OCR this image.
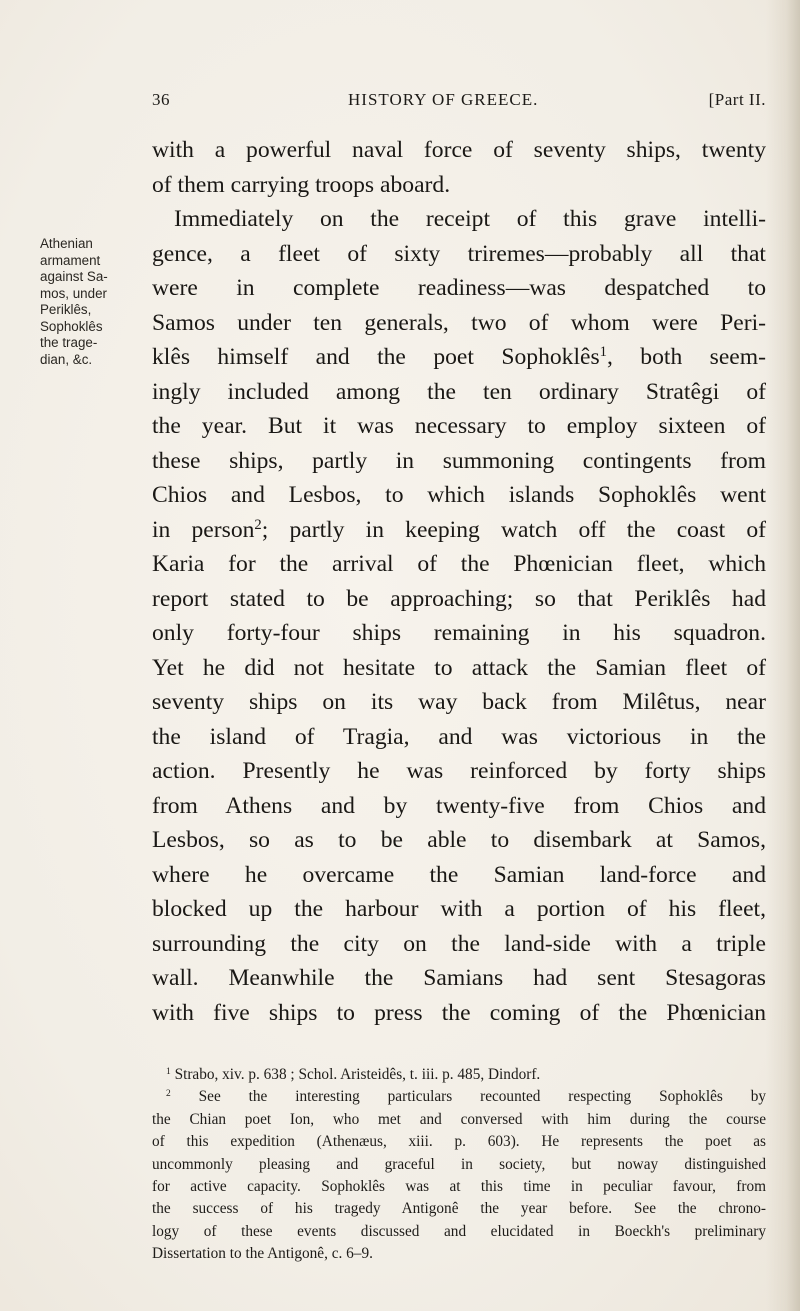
36	HISTORY OF GREECE.	[Part II.
Athenian
armament
against Sa-
mos, under
Periklês,
Sophoklês
the trage-
dian, &c.
with a powerful naval force of seventy ships, twenty
of them carrying troops aboard.
Immediately on the receipt of this grave intelli-
gence, a fleet of sixty triremes—probably all that
were in complete readiness—was despatched to
Samos under ten generals, two of whom were Peri-
klês himself and the poet Sophoklês$^1$, both seem-
ingly included among the ten ordinary Stratêgi of
the year. But it was necessary to employ sixteen of
these ships, partly in summoning contingents from
Chios and Lesbos, to which islands Sophoklês went
in person$^2$; partly in keeping watch off the coast of
Karia for the arrival of the Phœnician fleet, which
report stated to be approaching; so that Periklês had
only forty-four ships remaining in his squadron.
Yet he did not hesitate to attack the Samian fleet of
seventy ships on its way back from Milêtus, near
the island of Tragia, and was victorious in the
action. Presently he was reinforced by forty ships
from Athens and by twenty-five from Chios and
Lesbos, so as to be able to disembark at Samos,
where he overcame the Samian land-force and
blocked up the harbour with a portion of his fleet,
surrounding the city on the land-side with a triple
wall. Meanwhile the Samians had sent Stesagoras
with five ships to press the coming of the Phœnician
$^1$ Strabo, xiv. p. 638 ; Schol. Aristeidês, t. iii. p. 485, Dindorf.
$^2$ See the interesting particulars recounted respecting Sophoklês by
the Chian poet Ion, who met and conversed with him during the course
of this expedition (Athenæus, xiii. p. 603). He represents the poet as
uncommonly pleasing and graceful in society, but noway distinguished
for active capacity. Sophoklês was at this time in peculiar favour, from
the success of his tragedy Antigonê the year before. See the chrono-
logy of these events discussed and elucidated in Boeckh's preliminary
Dissertation to the Antigonê, c. 6–9.
